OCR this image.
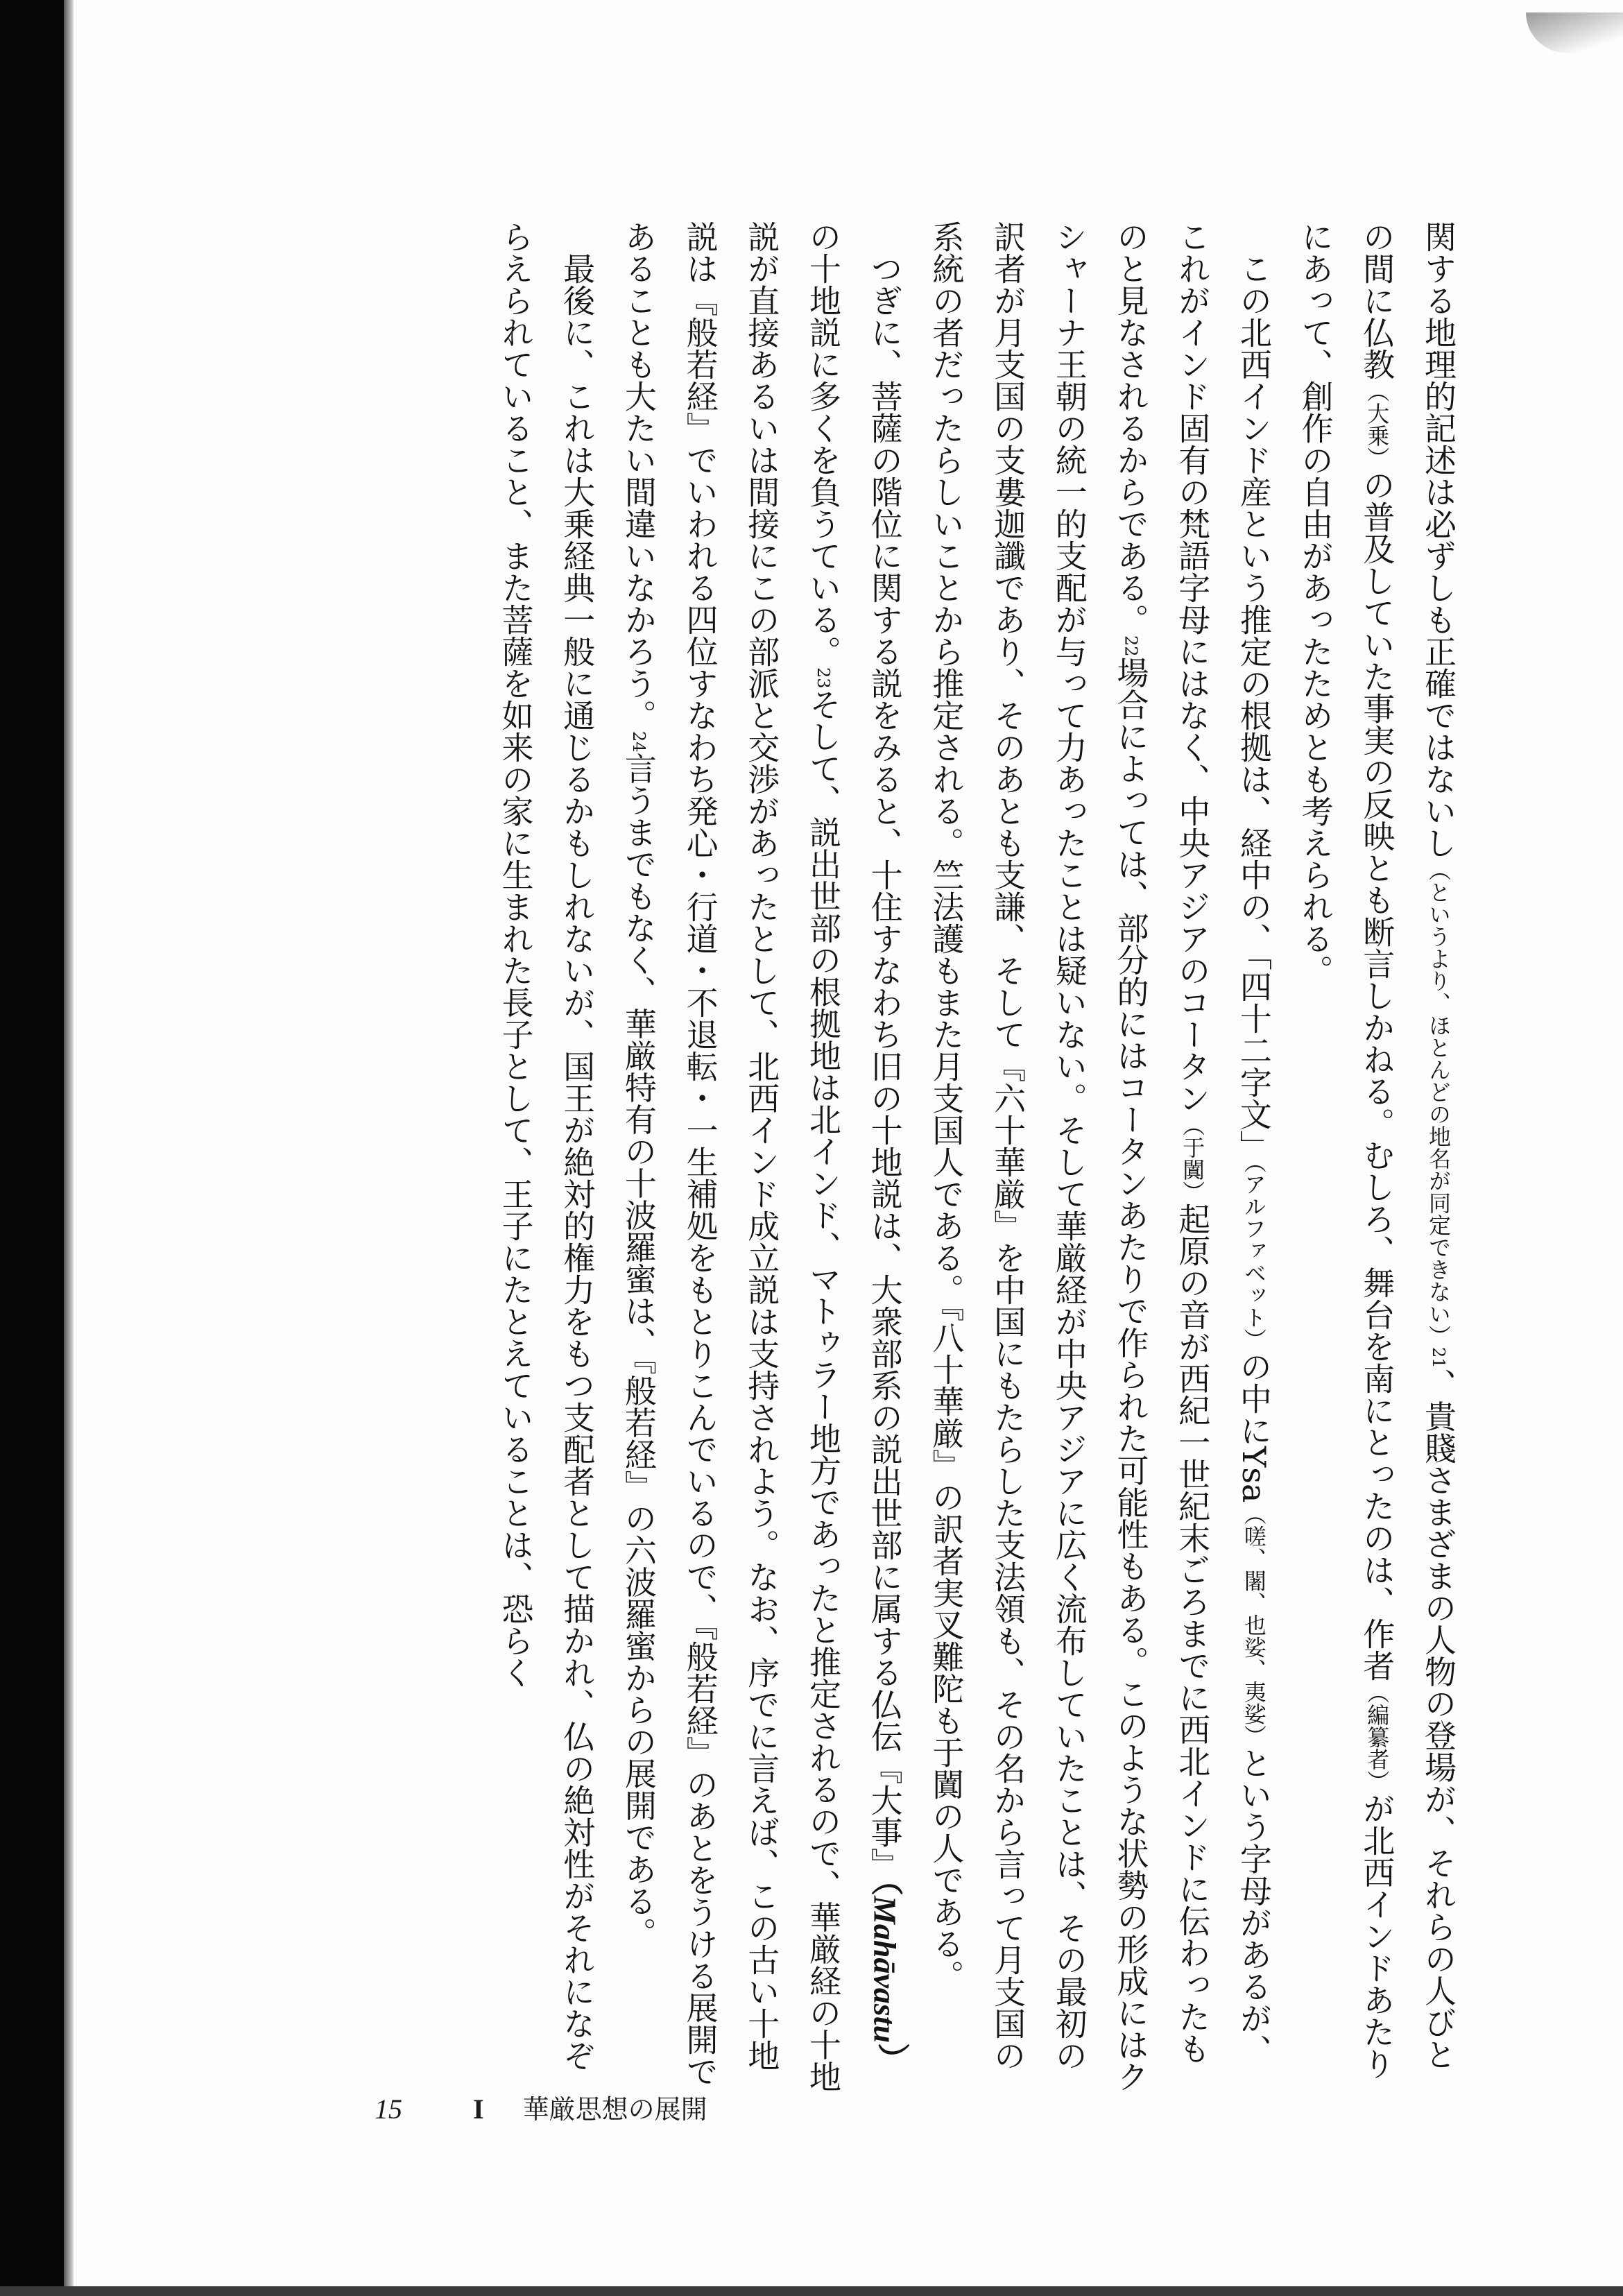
関する地理的記述は必ずしも正確ではないし（というより、ほとんどの地名が同定できない）21、貴賤さまざまの人物の登場が、それらの人びとの間に仏教（大乗）の普及していた事実の反映とも断言しかねる。むしろ、舞台を南にとったのは、作者（編纂者）が北西インドあたりにあって、創作の自由があったためとも考えられる。

この北西インド産という推定の根拠は、経中の、「四十二字文」（アルファベット）の中にYsa（嗟、闍、也娑、夷娑）という字母があるが、これがインド固有の梵語字母にはなく、中央アジアのコータン（于闐）起原の音が西紀一世紀末ごろまでに西北インドに伝わったものと見なされるからである。22場合によっては、部分的にはコータンあたりで作られた可能性もある。このような状勢の形成にはクシャーナ王朝の統一的支配が与って力あったことは疑いない。そして華厳経が中央アジアに広く流布していたことは、その最初の訳者が月支国の支婁迦讖であり、そのあとも支謙、そして『六十華厳』を中国にもたらした支法領も、その名から言って月支国の系統の者だったらしいことから推定される。竺法護もまた月支国人である。『八十華厳』の訳者実叉難陀も于闐の人である。

つぎに、菩薩の階位に関する説をみると、十住すなわち旧の十地説は、大衆部系の説出世部に属する仏伝『大事』（Mahāvastu）の十地説に多くを負うている。23そして、説出世部の根拠地は北インド、マトゥラー地方であったと推定されるので、華厳経の十地説が直接あるいは間接にこの部派と交渉があったとして、北西インド成立説は支持されよう。なお、序でに言えば、この古い十地説は『般若経』でいわれる四位すなわち発心・行道・不退転・一生補処をもとりこんでいるので、『般若経』のあとをうける展開であることも大たい間違いなかろう。24言うまでもなく、華厳特有の十波羅蜜は、『般若経』の六波羅蜜からの展開である。

最後に、これは大乗経典一般に通じるかもしれないが、国王が絶対的権力をもつ支配者として描かれ、仏の絶対性がそれになぞらえられていること、また菩薩を如来の家に生まれた長子として、王子にたとえていることは、恐らく

15	I 華厳思想の展開
